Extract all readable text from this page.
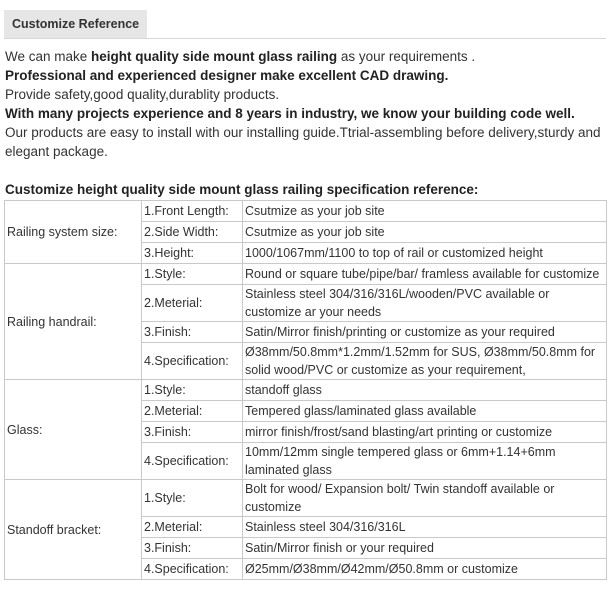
Customize Reference

We can make height quality side mount glass railing as your requirements .

Professional and experienced designer make excellent CAD drawing.

Provide safety,good quality,durablity products.

With many projects experience and 8 years in industry, we know your building code well.

Our products are easy to install with our installing guide.Ttrial-assembling before delivery,sturdy and elegant package.

Customize height quality side mount glass railing specification reference:
Railing system size:	1.Front Length:	Csutmize as your job site
	2.Side Width:	Csutmize as your job site
	3.Height:	1000/1067mm/1100 to top of rail or customized height
Railing handrail:	1.Style:	Round or square tube/pipe/bar/ framless available for customize
	2.Meterial:	Stainless steel 304/316/316L/wooden/PVC available or customize ar your needs
	3.Finish:	Satin/Mirror finish/printing or customize as your required
	4.Specification:	Ø38mm/50.8mm*1.2mm/1.52mm for SUS, Ø38mm/50.8mm for solid wood/PVC or customize as your requirement,
Glass:	1.Style:	standoff glass
	2.Meterial:	Tempered glass/laminated glass available
	3.Finish:	mirror finish/frost/sand blasting/art printing or customize
	4.Specification:	10mm/12mm single tempered glass or 6mm+1.14+6mm laminated glass
Standoff bracket:	1.Style:	Bolt for wood/ Expansion bolt/ Twin standoff available or customize
	2.Meterial:	Stainless steel 304/316/316L
	3.Finish:	Satin/Mirror finish or your required
	4.Specification:	Ø25mm/Ø38mm/Ø42mm/Ø50.8mm or customize
